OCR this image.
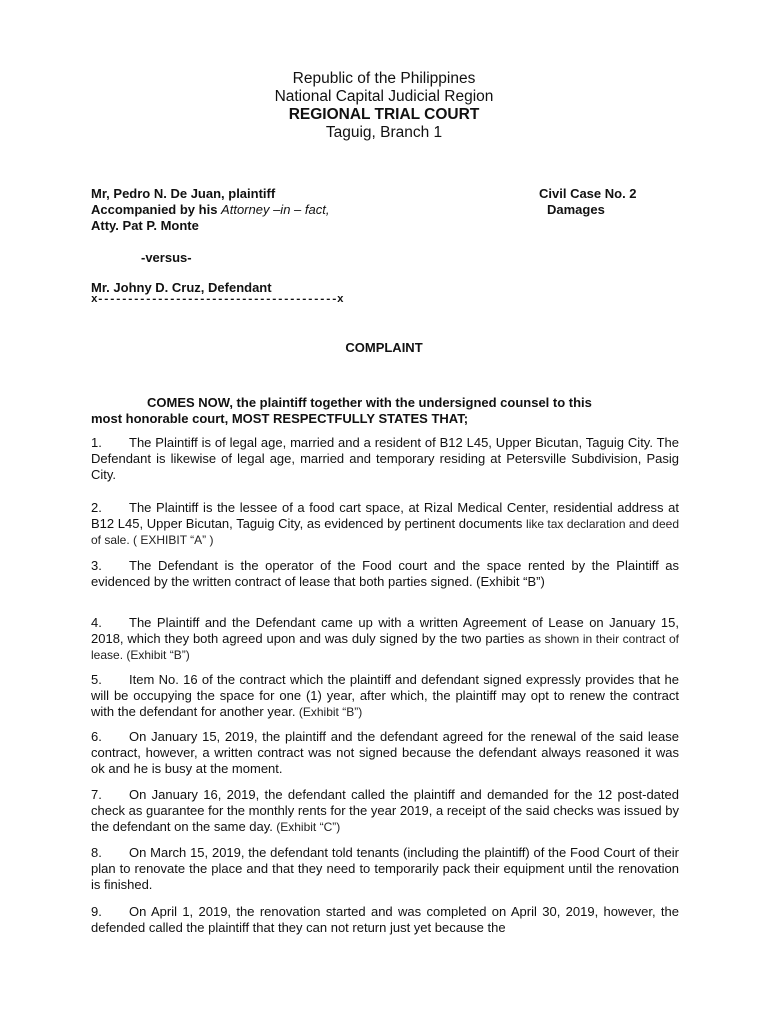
Republic of the Philippines
National Capital Judicial Region
REGIONAL TRIAL COURT
Taguig, Branch 1
Mr, Pedro N. De Juan, plaintiff	Civil Case No. 2
Accompanied by his Attorney –in – fact,	Damages
Atty. Pat P. Monte
-versus-
Mr. Johny D. Cruz, Defendant
x----------------------------------------x
COMPLAINT
COMES NOW, the plaintiff together with the undersigned counsel to this
most honorable court, MOST RESPECTFULLY STATES THAT;
1. The Plaintiff is of legal age, married and a resident of B12 L45, Upper Bicutan, Taguig City. The Defendant is likewise of legal age, married and temporary residing at Petersville Subdivision, Pasig City.
2. The Plaintiff is the lessee of a food cart space, at Rizal Medical Center, residential address at B12 L45, Upper Bicutan, Taguig City, as evidenced by pertinent documents like tax declaration and deed of sale. ( EXHIBIT “A” )
3. The Defendant is the operator of the Food court and the space rented by the Plaintiff as evidenced by the written contract of lease that both parties signed. (Exhibit “B”)
4. The Plaintiff and the Defendant came up with a written Agreement of Lease on January 15, 2018, which they both agreed upon and was duly signed by the two parties as shown in their contract of lease. (Exhibit “B”)
5. Item No. 16 of the contract which the plaintiff and defendant signed expressly provides that he will be occupying the space for one (1) year, after which, the plaintiff may opt to renew the contract with the defendant for another year. (Exhibit “B”)
6. On January 15, 2019, the plaintiff and the defendant agreed for the renewal of the said lease contract, however, a written contract was not signed because the defendant always reasoned it was ok and he is busy at the moment.
7. On January 16, 2019, the defendant called the plaintiff and demanded for the 12 post-dated check as guarantee for the monthly rents for the year 2019, a receipt of the said checks was issued by the defendant on the same day. (Exhibit “C”)
8. On March 15, 2019, the defendant told tenants (including the plaintiff) of the Food Court of their plan to renovate the place and that they need to temporarily pack their equipment until the renovation is finished.
9. On April 1, 2019, the renovation started and was completed on April 30, 2019, however, the defended called the plaintiff that they can not return just yet because the
